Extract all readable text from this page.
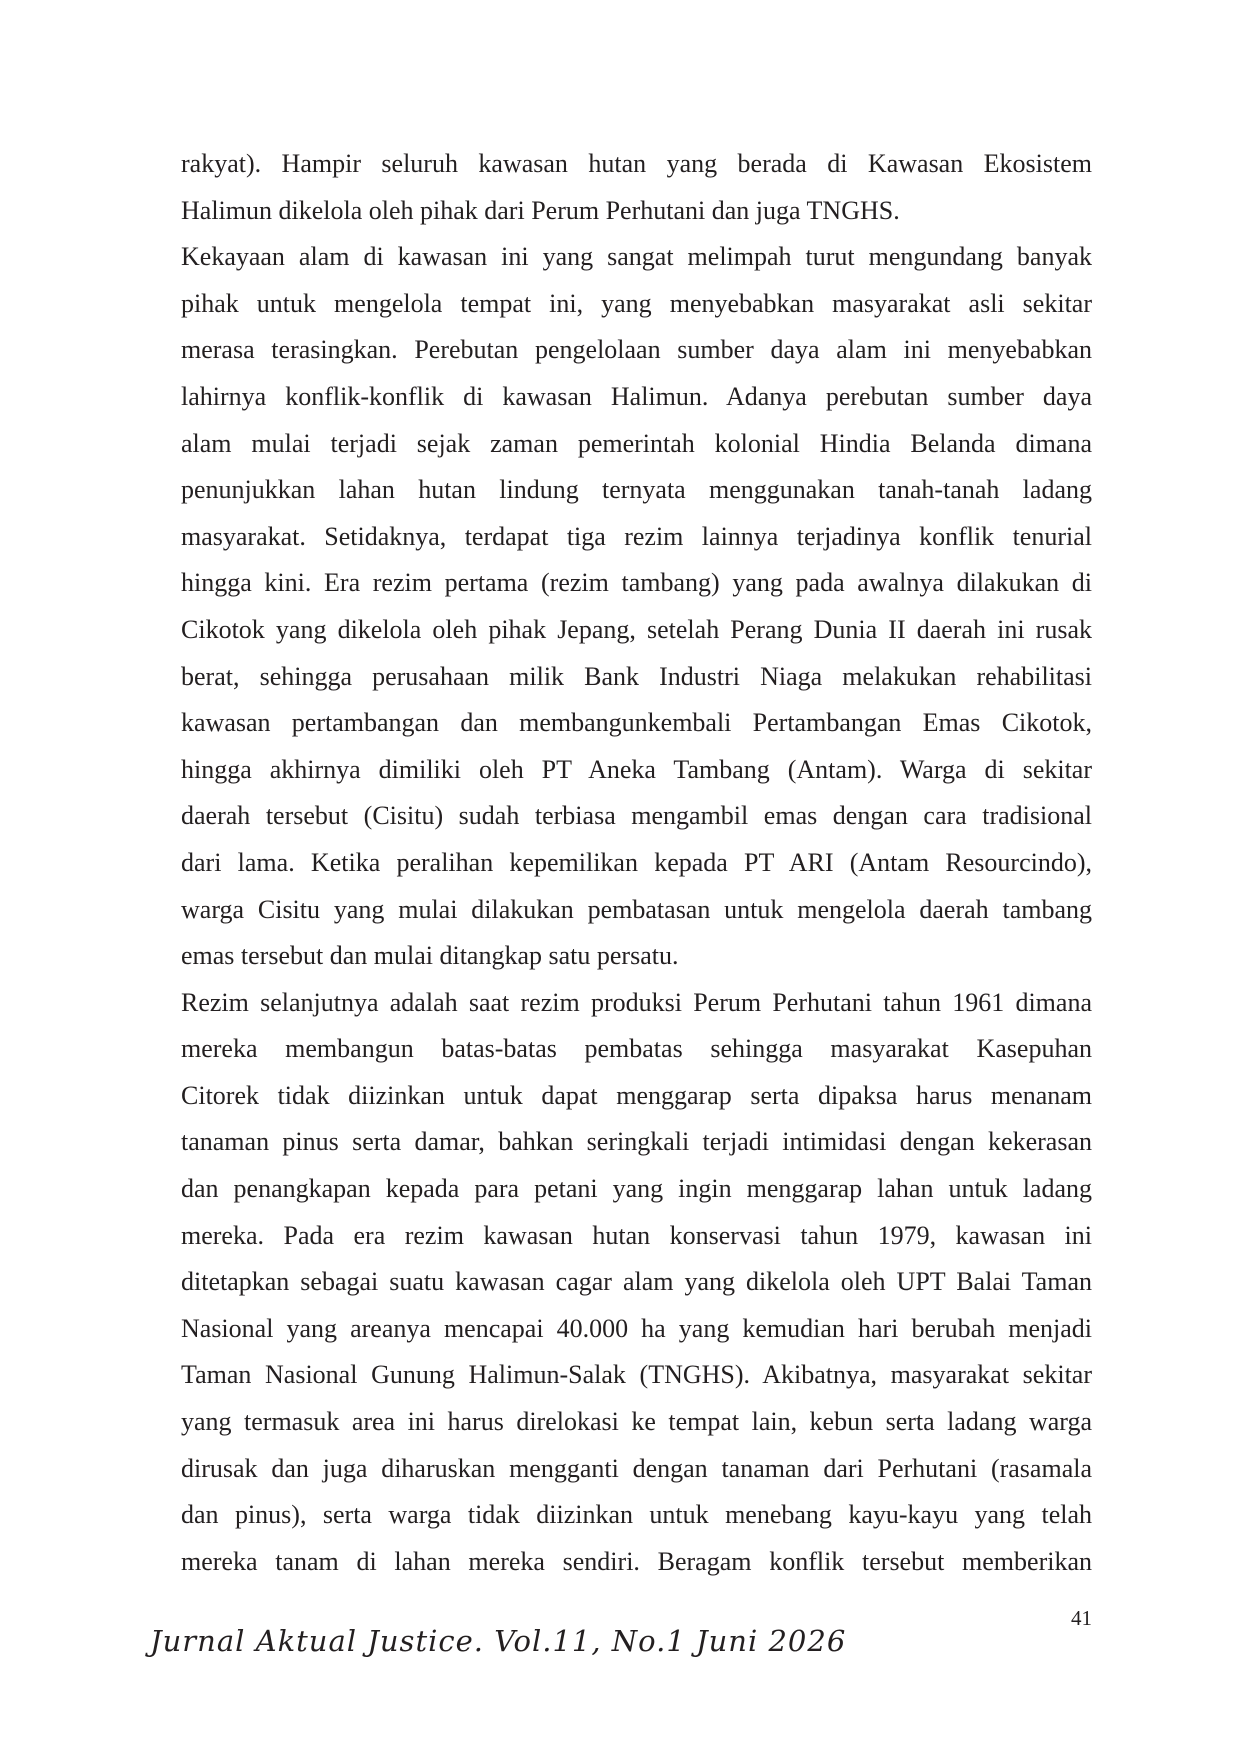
rakyat). Hampir seluruh kawasan hutan yang berada di Kawasan Ekosistem
Halimun dikelola oleh pihak dari Perum Perhutani dan juga TNGHS.
Kekayaan alam di kawasan ini yang sangat melimpah turut mengundang banyak
pihak untuk mengelola tempat ini, yang menyebabkan masyarakat asli sekitar
merasa terasingkan. Perebutan pengelolaan sumber daya alam ini menyebabkan
lahirnya konflik-konflik di kawasan Halimun. Adanya perebutan sumber daya
alam mulai terjadi sejak zaman pemerintah kolonial Hindia Belanda dimana
penunjukkan lahan hutan lindung ternyata menggunakan tanah-tanah ladang
masyarakat. Setidaknya, terdapat tiga rezim lainnya terjadinya konflik tenurial
hingga kini. Era rezim pertama (rezim tambang) yang pada awalnya dilakukan di
Cikotok yang dikelola oleh pihak Jepang, setelah Perang Dunia II daerah ini rusak
berat, sehingga perusahaan milik Bank Industri Niaga melakukan rehabilitasi
kawasan pertambangan dan membangunkembali Pertambangan Emas Cikotok,
hingga akhirnya dimiliki oleh PT Aneka Tambang (Antam). Warga di sekitar
daerah tersebut (Cisitu) sudah terbiasa mengambil emas dengan cara tradisional
dari lama. Ketika peralihan kepemilikan kepada PT ARI (Antam Resourcindo),
warga Cisitu yang mulai dilakukan pembatasan untuk mengelola daerah tambang
emas tersebut dan mulai ditangkap satu persatu.
Rezim selanjutnya adalah saat rezim produksi Perum Perhutani tahun 1961 dimana
mereka membangun batas-batas pembatas sehingga masyarakat Kasepuhan
Citorek tidak diizinkan untuk dapat menggarap serta dipaksa harus menanam
tanaman pinus serta damar, bahkan seringkali terjadi intimidasi dengan kekerasan
dan penangkapan kepada para petani yang ingin menggarap lahan untuk ladang
mereka. Pada era rezim kawasan hutan konservasi tahun 1979, kawasan ini
ditetapkan sebagai suatu kawasan cagar alam yang dikelola oleh UPT Balai Taman
Nasional yang areanya mencapai 40.000 ha yang kemudian hari berubah menjadi
Taman Nasional Gunung Halimun-Salak (TNGHS). Akibatnya, masyarakat sekitar
yang termasuk area ini harus direlokasi ke tempat lain, kebun serta ladang warga
dirusak dan juga diharuskan mengganti dengan tanaman dari Perhutani (rasamala
dan pinus), serta warga tidak diizinkan untuk menebang kayu-kayu yang telah
mereka tanam di lahan mereka sendiri. Beragam konflik tersebut memberikan
41
Jurnal Aktual Justice. Vol.11, No.1 Juni 2026
